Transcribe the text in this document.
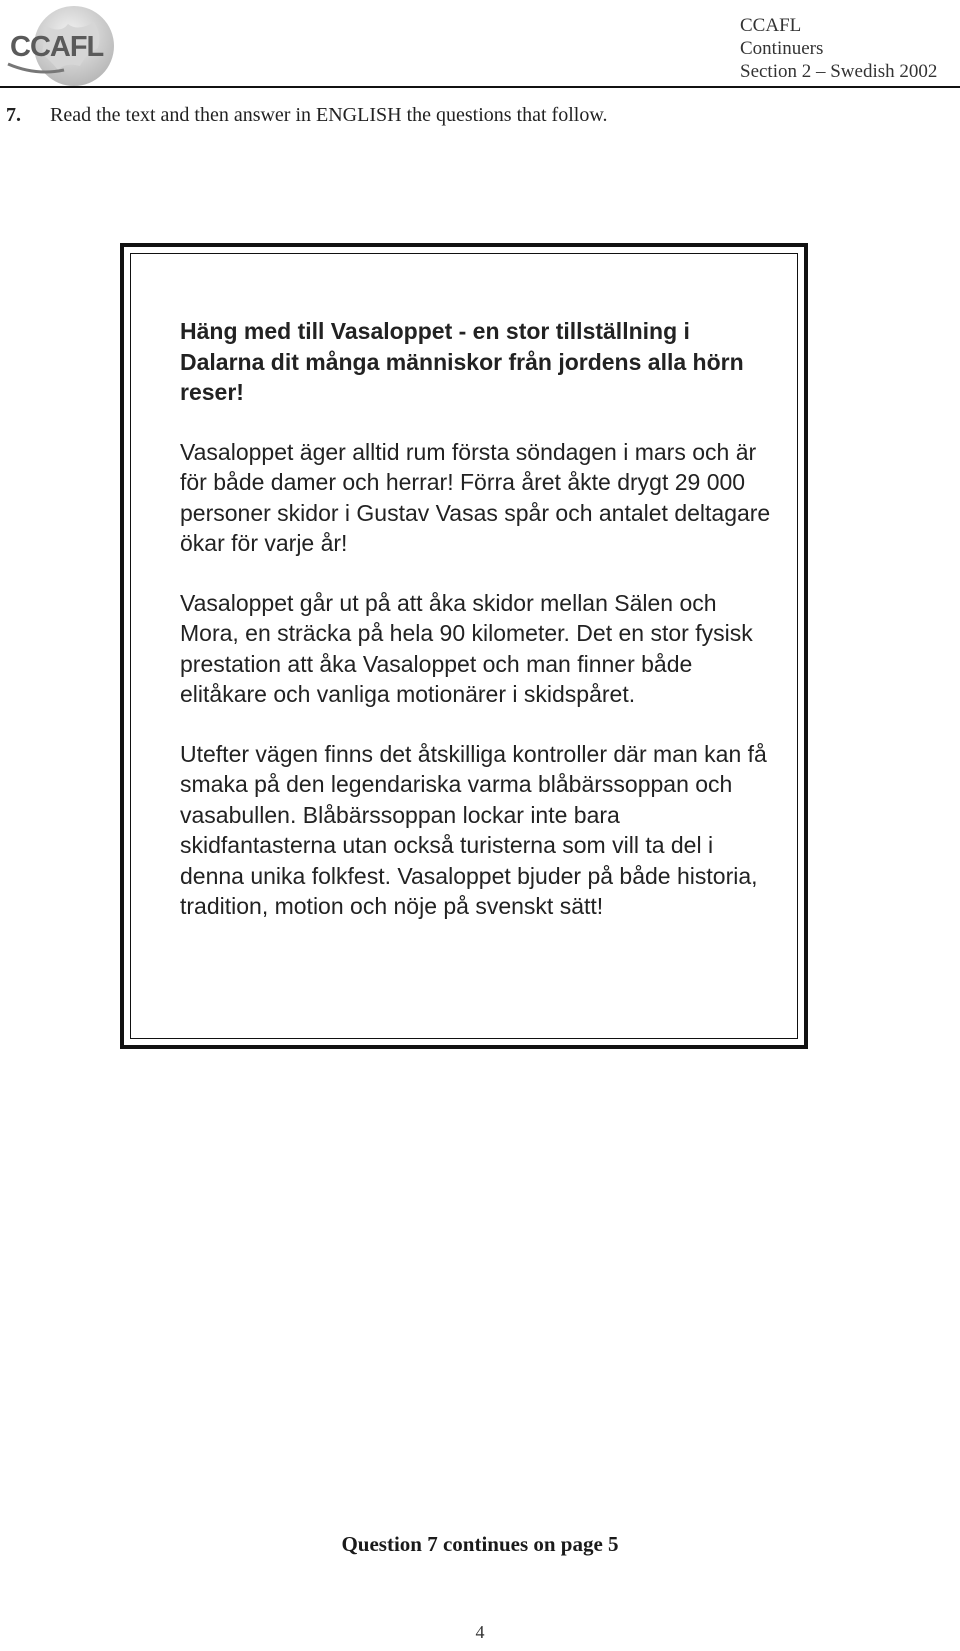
CCAFL
CCAFL
Continuers
Section 2 – Swedish 2002
7. Read the text and then answer in ENGLISH the questions that follow.
Häng med till Vasaloppet - en stor tillställning i Dalarna dit många människor från jordens alla hörn reser!

Vasaloppet äger alltid rum första söndagen i mars och är för både damer och herrar! Förra året åkte drygt 29 000 personer skidor i Gustav Vasas spår och antalet deltagare ökar för varje år!

Vasaloppet går ut på att åka skidor mellan Sälen och Mora, en sträcka på hela 90 kilometer. Det en stor fysisk prestation att åka Vasaloppet och man finner både elitåkare och vanliga motionärer i skidspåret.

Utefter vägen finns det åtskilliga kontroller där man kan få smaka på den legendariska varma blåbärssoppan och vasabullen. Blåbärssoppan lockar inte bara skidfantasterna utan också turisterna som vill ta del i denna unika folkfest. Vasaloppet bjuder på både historia, tradition, motion och nöje på svenskt sätt!

Question 7 continues on page 5
4
